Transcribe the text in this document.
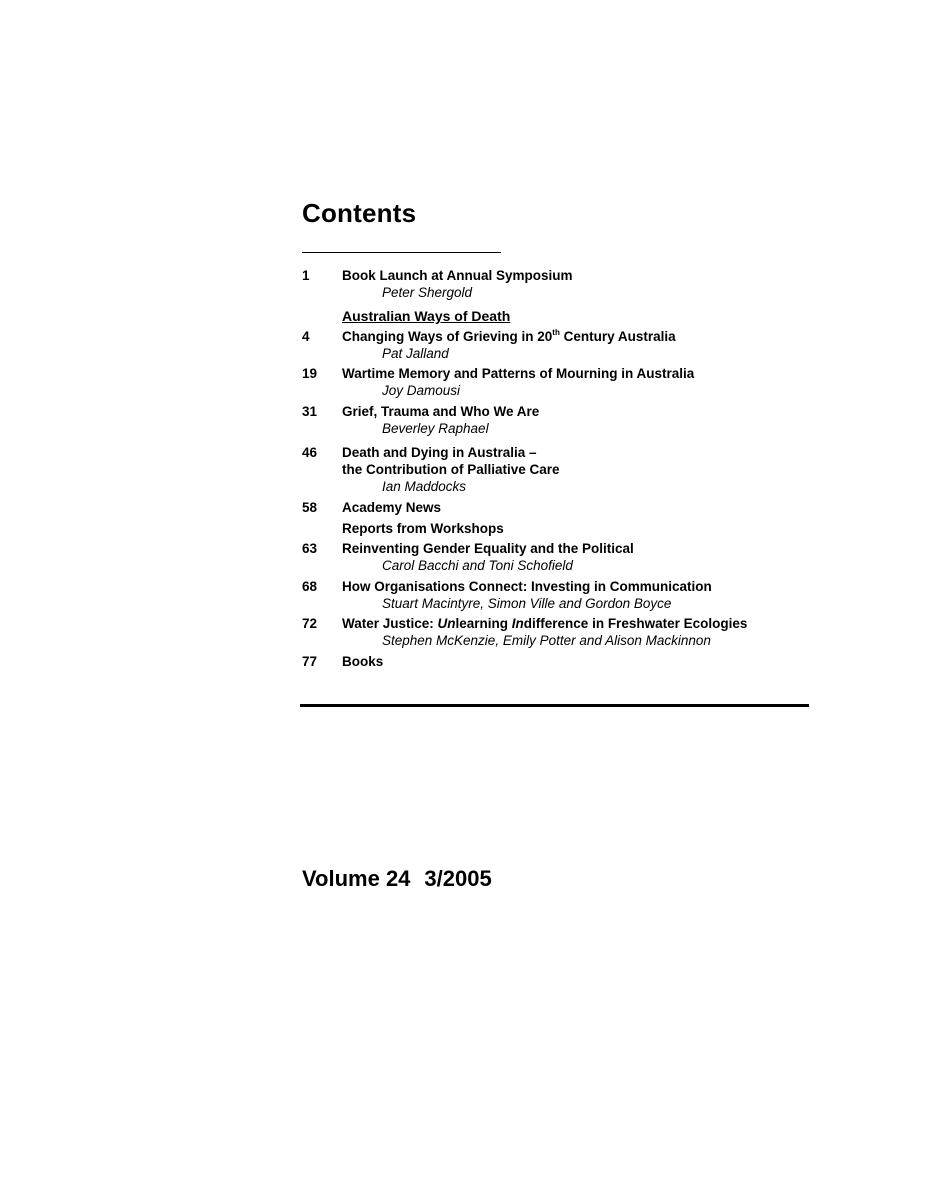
Contents
1 Book Launch at Annual Symposium
Peter Shergold
Australian Ways of Death
4 Changing Ways of Grieving in 20th Century Australia
Pat Jalland
19 Wartime Memory and Patterns of Mourning in Australia
Joy Damousi
31 Grief, Trauma and Who We Are
Beverley Raphael
46 Death and Dying in Australia –
the Contribution of Palliative Care
Ian Maddocks
58 Academy News
Reports from Workshops
63 Reinventing Gender Equality and the Political
Carol Bacchi and Toni Schofield
68 How Organisations Connect: Investing in Communication
Stuart Macintyre, Simon Ville and Gordon Boyce
72 Water Justice: Unlearning Indifference in Freshwater Ecologies
Stephen McKenzie, Emily Potter and Alison Mackinnon
77 Books
Volume 24 3/2005
